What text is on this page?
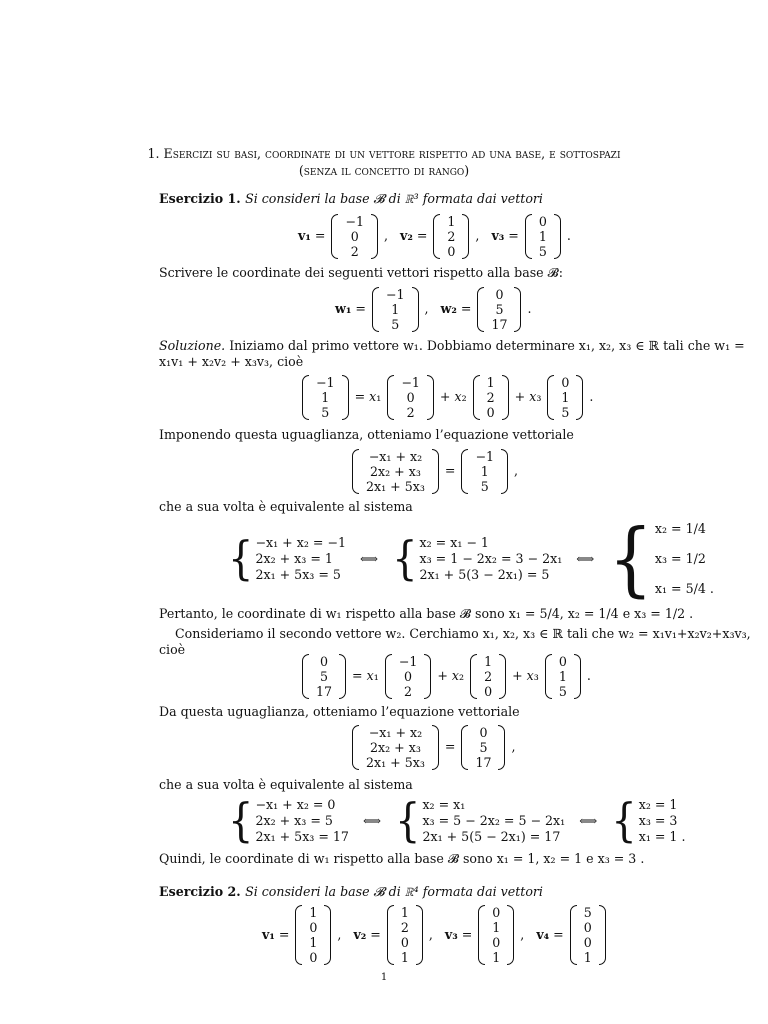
1. Esercizi su basi, coordinate di un vettore rispetto ad una base, e sottospazi
(senza il concetto di rango)
Esercizio 1. Si consideri la base 𝓑 di ℝ³ formata dai vettori
v₁ =
−1
0
2
, v₂ =
1
2
0
, v₃ =
0
1
5
.
Scrivere le coordinate dei seguenti vettori rispetto alla base 𝓑:
w₁ =
−1
1
5
, w₂ =
0
5
17
.
Soluzione. Iniziamo dal primo vettore w₁. Dobbiamo determinare x₁, x₂, x₃ ∈ ℝ tali che w₁ =
x₁v₁ + x₂v₂ + x₃v₃, cioè
−1
1
5
= x₁
−1
0
2
+ x₂
1
2
0
+ x₃
0
1
5
.
Imponendo questa uguaglianza, otteniamo l’equazione vettoriale
−x₁ + x₂
2x₂ + x₃
2x₁ + 5x₃
=
−1
1
5
,
che a sua volta è equivalente al sistema
{ −x₁ + x₂ = −1
2x₂ + x₃ = 1
2x₁ + 5x₃ = 5
⟺ { x₂ = x₁ − 1
x₃ = 1 − 2x₂ = 3 − 2x₁
2x₁ + 5(3 − 2x₁) = 5
⟺ { x₂ = 1/4
x₃ = 1/2
x₁ = 5/4 .
Pertanto, le coordinate di w₁ rispetto alla base 𝓑 sono x₁ = 5/4, x₂ = 1/4 e x₃ = 1/2 .
Consideriamo il secondo vettore w₂. Cerchiamo x₁, x₂, x₃ ∈ ℝ tali che w₂ = x₁v₁+x₂v₂+x₃v₃,
cioè
0
5
17
= x₁
−1
0
2
+ x₂
1
2
0
+ x₃
0
1
5
.
Da questa uguaglianza, otteniamo l’equazione vettoriale
−x₁ + x₂
2x₂ + x₃
2x₁ + 5x₃
=
0
5
17
,
che a sua volta è equivalente al sistema
{ −x₁ + x₂ = 0
2x₂ + x₃ = 5
2x₁ + 5x₃ = 17
⟺ { x₂ = x₁
x₃ = 5 − 2x₂ = 5 − 2x₁
2x₁ + 5(5 − 2x₁) = 17
⟺ { x₂ = 1
x₃ = 3
x₁ = 1 .
Quindi, le coordinate di w₁ rispetto alla base 𝓑 sono x₁ = 1, x₂ = 1 e x₃ = 3 .
Esercizio 2. Si consideri la base 𝓑 di ℝ⁴ formata dai vettori
v₁ =
1
0
1
0
, v₂ =
1
2
0
1
, v₃ =
0
1
0
1
, v₄ =
5
0
0
1
1
